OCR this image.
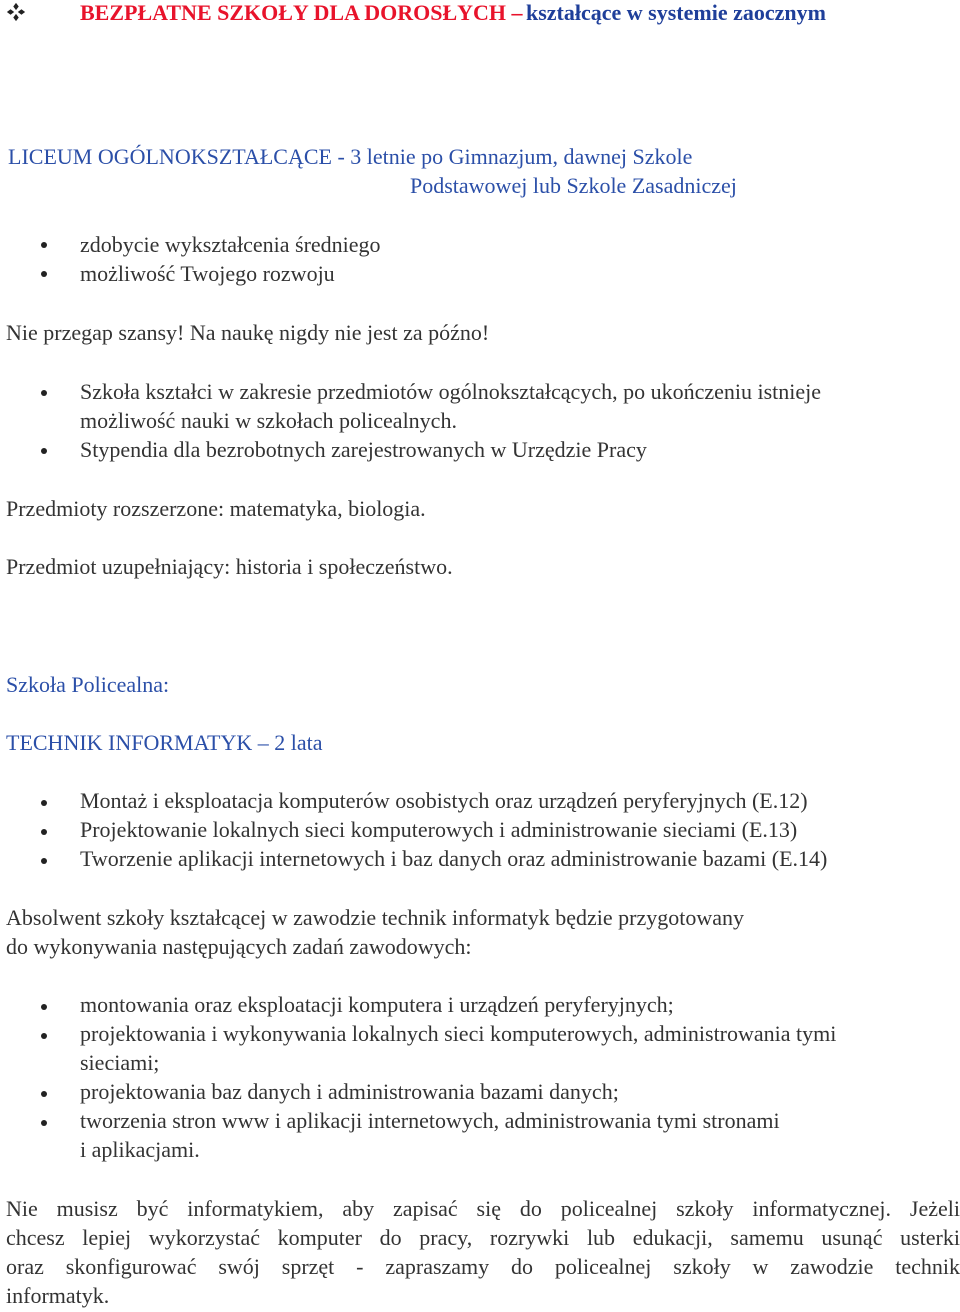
BEZPŁATNE SZKOŁY DLA DOROSŁYCH – kształcące w systemie zaocznym
LICEUM OGÓLNOKSZTAŁCĄCE - 3 letnie po Gimnazjum, dawnej Szkole
Podstawowej lub Szkole Zasadniczej
zdobycie wykształcenia średniego
możliwość Twojego rozwoju
Nie przegap szansy! Na naukę nigdy nie jest za późno!
Szkoła kształci w zakresie przedmiotów ogólnokształcących, po ukończeniu istnieje
możliwość nauki w szkołach policealnych.
Stypendia dla bezrobotnych zarejestrowanych w Urzędzie Pracy
Przedmioty rozszerzone: matematyka, biologia.
Przedmiot uzupełniający: historia i społeczeństwo.
Szkoła Policealna:
TECHNIK INFORMATYK – 2 lata
Montaż i eksploatacja komputerów osobistych oraz urządzeń peryferyjnych (E.12)
Projektowanie lokalnych sieci komputerowych i administrowanie sieciami (E.13)
Tworzenie aplikacji internetowych i baz danych oraz administrowanie bazami (E.14)
Absolwent szkoły kształcącej w zawodzie technik informatyk będzie przygotowany
do wykonywania następujących zadań zawodowych:
montowania oraz eksploatacji komputera i urządzeń peryferyjnych;
projektowania i wykonywania lokalnych sieci komputerowych, administrowania tymi
sieciami;
projektowania baz danych i administrowania bazami danych;
tworzenia stron www i aplikacji internetowych, administrowania tymi stronami
i aplikacjami.
Nie musisz być informatykiem, aby zapisać się do policealnej szkoły informatycznej. Jeżeli
chcesz lepiej wykorzystać komputer do pracy, rozrywki lub edukacji, samemu usunąć usterki
oraz skonfigurować swój sprzęt - zapraszamy do policealnej szkoły w zawodzie technik
informatyk.
